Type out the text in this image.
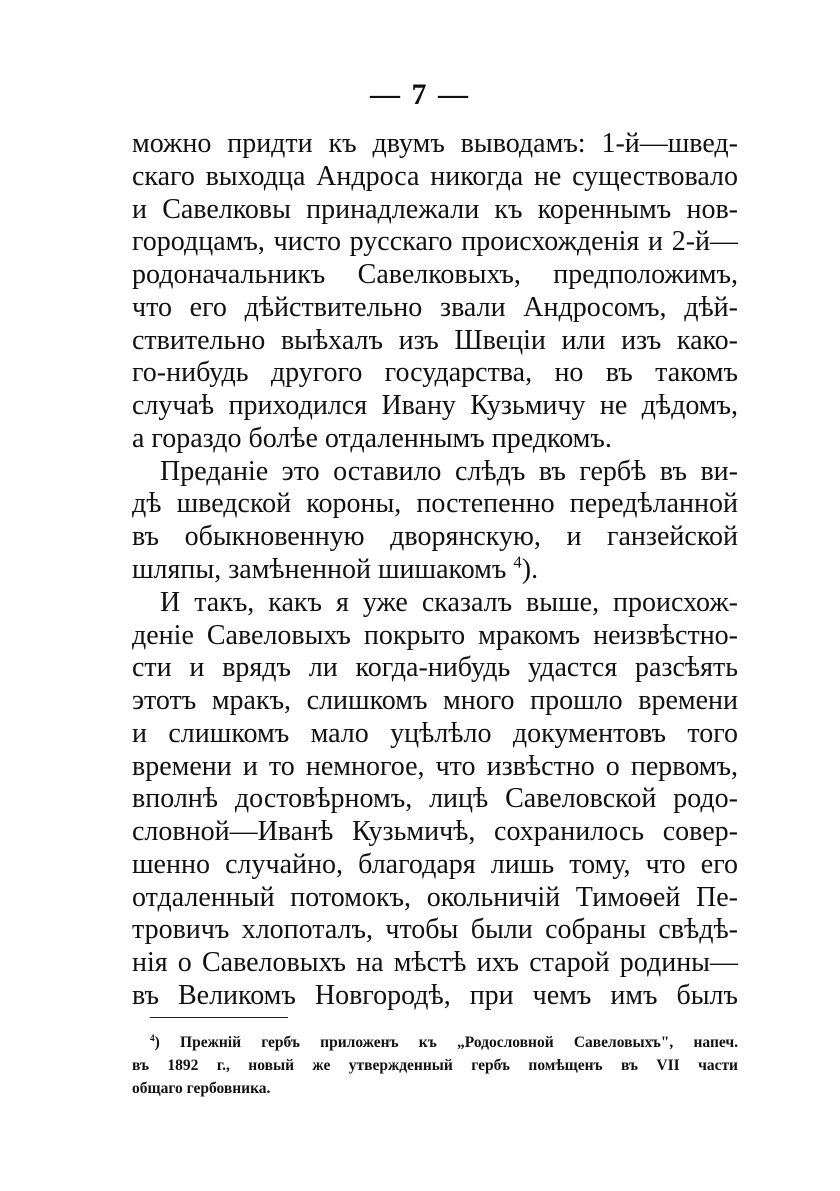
— 7 —
можно придти къ двумъ выводамъ: 1-й—швед-
скаго выходца Андроса никогда не существовало
и Савелковы принадлежали къ кореннымъ нов-
городцамъ, чисто русскаго происхожденія и 2-й—
родоначальникъ Савелковыхъ, предположимъ,
что его дѣйствительно звали Андросомъ, дѣй-
ствительно выѣхалъ изъ Швеціи или изъ како-
го-нибудь другого государства, но въ такомъ
случаѣ приходился Ивану Кузьмичу не дѣдомъ,
а гораздо болѣе отдаленнымъ предкомъ.
Преданіе это оставило слѣдъ въ гербѣ въ ви-
дѣ шведской короны, постепенно передѣланной
въ обыкновенную дворянскую, и ганзейской
шляпы, замѣненной шишакомъ $^4$).
И такъ, какъ я уже сказалъ выше, происхож-
деніе Савеловыхъ покрыто мракомъ неизвѣстно-
сти и врядъ ли когда-нибудь удастся разсѣять
этотъ мракъ, слишкомъ много прошло времени
и слишкомъ мало уцѣлѣло документовъ того
времени и то немногое, что извѣстно о первомъ,
вполнѣ достовѣрномъ, лицѣ Савеловской родо-
словной—Иванѣ Кузьмичѣ, сохранилось совер-
шенно случайно, благодаря лишь тому, что его
отдаленный потомокъ, окольничій Тимоѳей Пе-
тровичъ хлопоталъ, чтобы были собраны свѣдѣ-
нія о Савеловыхъ на мѣстѣ ихъ старой родины—
$^4$) Прежній гербъ приложенъ къ „Родословной Савеловыхъ", напеч.
въ 1892 г., новый же утвержденный гербъ помѣщенъ въ VII части
общаго гербовника.
въ Великомъ Новгородѣ, при чемъ имъ былъ
